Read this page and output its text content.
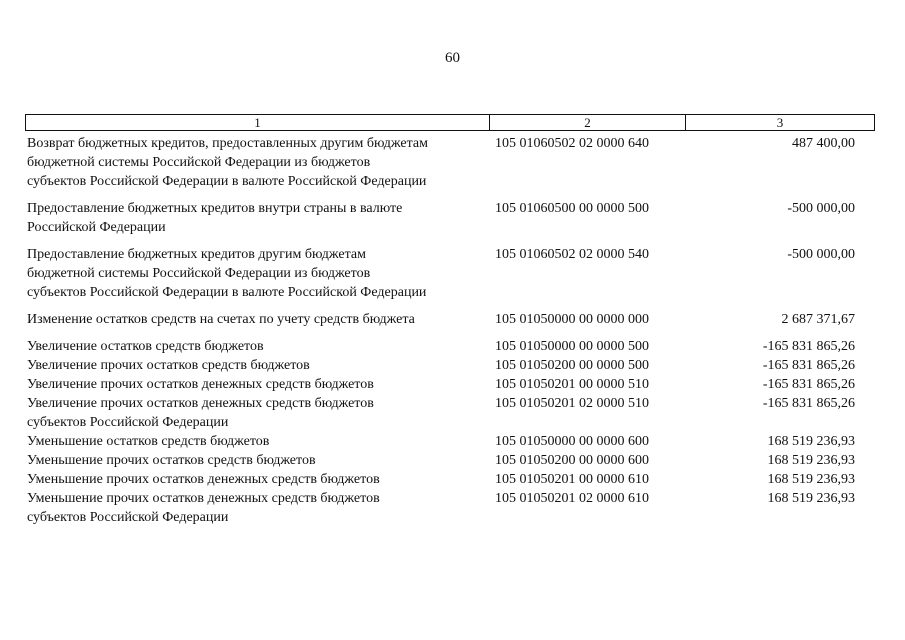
60
1	2	3
Возврат бюджетных кредитов, предоставленных другим бюджетам
бюджетной системы Российской Федерации из бюджетов
субъектов Российской Федерации в валюте Российской Федерации
105 01060502 02 0000 640	487 400,00
Предоставление бюджетных кредитов внутри страны в валюте
Российской Федерации
105 01060500 00 0000 500	-500 000,00
Предоставление бюджетных кредитов другим бюджетам
бюджетной системы Российской Федерации из бюджетов
субъектов Российской Федерации в валюте Российской Федерации
105 01060502 02 0000 540	-500 000,00
Изменение остатков средств на счетах по учету средств бюджета	105 01050000 00 0000 000	2 687 371,67
Увеличение остатков средств бюджетов	105 01050000 00 0000 500	-165 831 865,26
Увеличение прочих остатков средств бюджетов	105 01050200 00 0000 500	-165 831 865,26
Увеличение прочих остатков денежных средств бюджетов	105 01050201 00 0000 510	-165 831 865,26
Увеличение прочих остатков денежных средств бюджетов
субъектов Российской Федерации
105 01050201 02 0000 510	-165 831 865,26
Уменьшение остатков средств бюджетов	105 01050000 00 0000 600	168 519 236,93
Уменьшение прочих остатков средств бюджетов	105 01050200 00 0000 600	168 519 236,93
Уменьшение прочих остатков денежных средств бюджетов	105 01050201 00 0000 610	168 519 236,93
Уменьшение прочих остатков денежных средств бюджетов
субъектов Российской Федерации
105 01050201 02 0000 610	168 519 236,93
